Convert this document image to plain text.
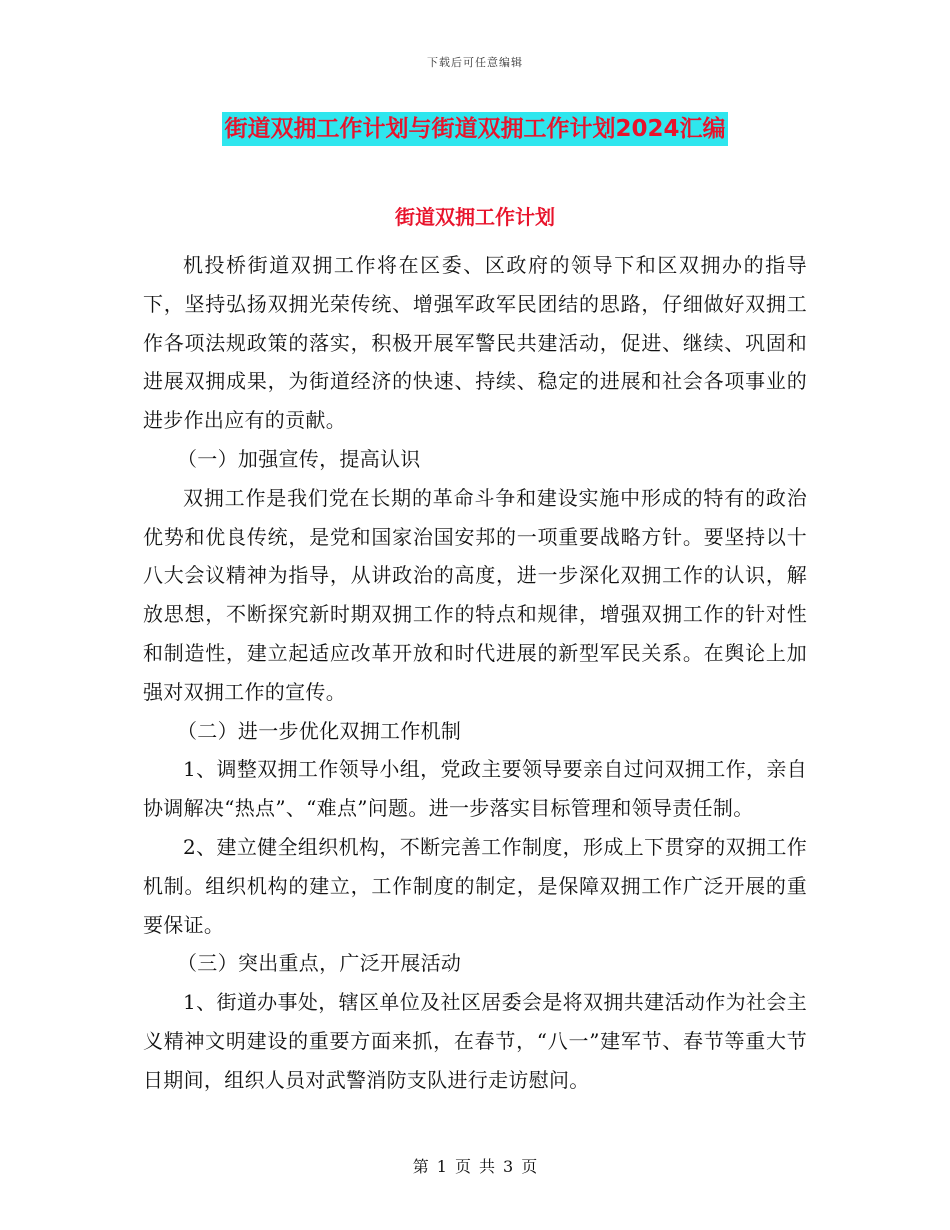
下载后可任意编辑
街道双拥工作计划与街道双拥工作计划2024汇编
街道双拥工作计划

机投桥街道双拥工作将在区委、区政府的领导下和区双拥办的指导下，坚持弘扬双拥光荣传统、增强军政军民团结的思路，仔细做好双拥工作各项法规政策的落实，积极开展军警民共建活动，促进、继续、巩固和进展双拥成果，为街道经济的快速、持续、稳定的进展和社会各项事业的进步作出应有的贡献。

（一）加强宣传，提高认识

双拥工作是我们党在长期的革命斗争和建设实施中形成的特有的政治优势和优良传统，是党和国家治国安邦的一项重要战略方针。要坚持以十八大会议精神为指导，从讲政治的高度，进一步深化双拥工作的认识，解放思想，不断探究新时期双拥工作的特点和规律，增强双拥工作的针对性和制造性，建立起适应改革开放和时代进展的新型军民关系。在舆论上加强对双拥工作的宣传。

（二）进一步优化双拥工作机制

1、调整双拥工作领导小组，党政主要领导要亲自过问双拥工作，亲自协调解决“热点”、“难点”问题。进一步落实目标管理和领导责任制。

2、建立健全组织机构，不断完善工作制度，形成上下贯穿的双拥工作机制。组织机构的建立，工作制度的制定，是保障双拥工作广泛开展的重要保证。

（三）突出重点，广泛开展活动

1、街道办事处，辖区单位及社区居委会是将双拥共建活动作为社会主义精神文明建设的重要方面来抓，在春节，“八一”建军节、春节等重大节日期间，组织人员对武警消防支队进行走访慰问。

第 1 页 共 3 页
